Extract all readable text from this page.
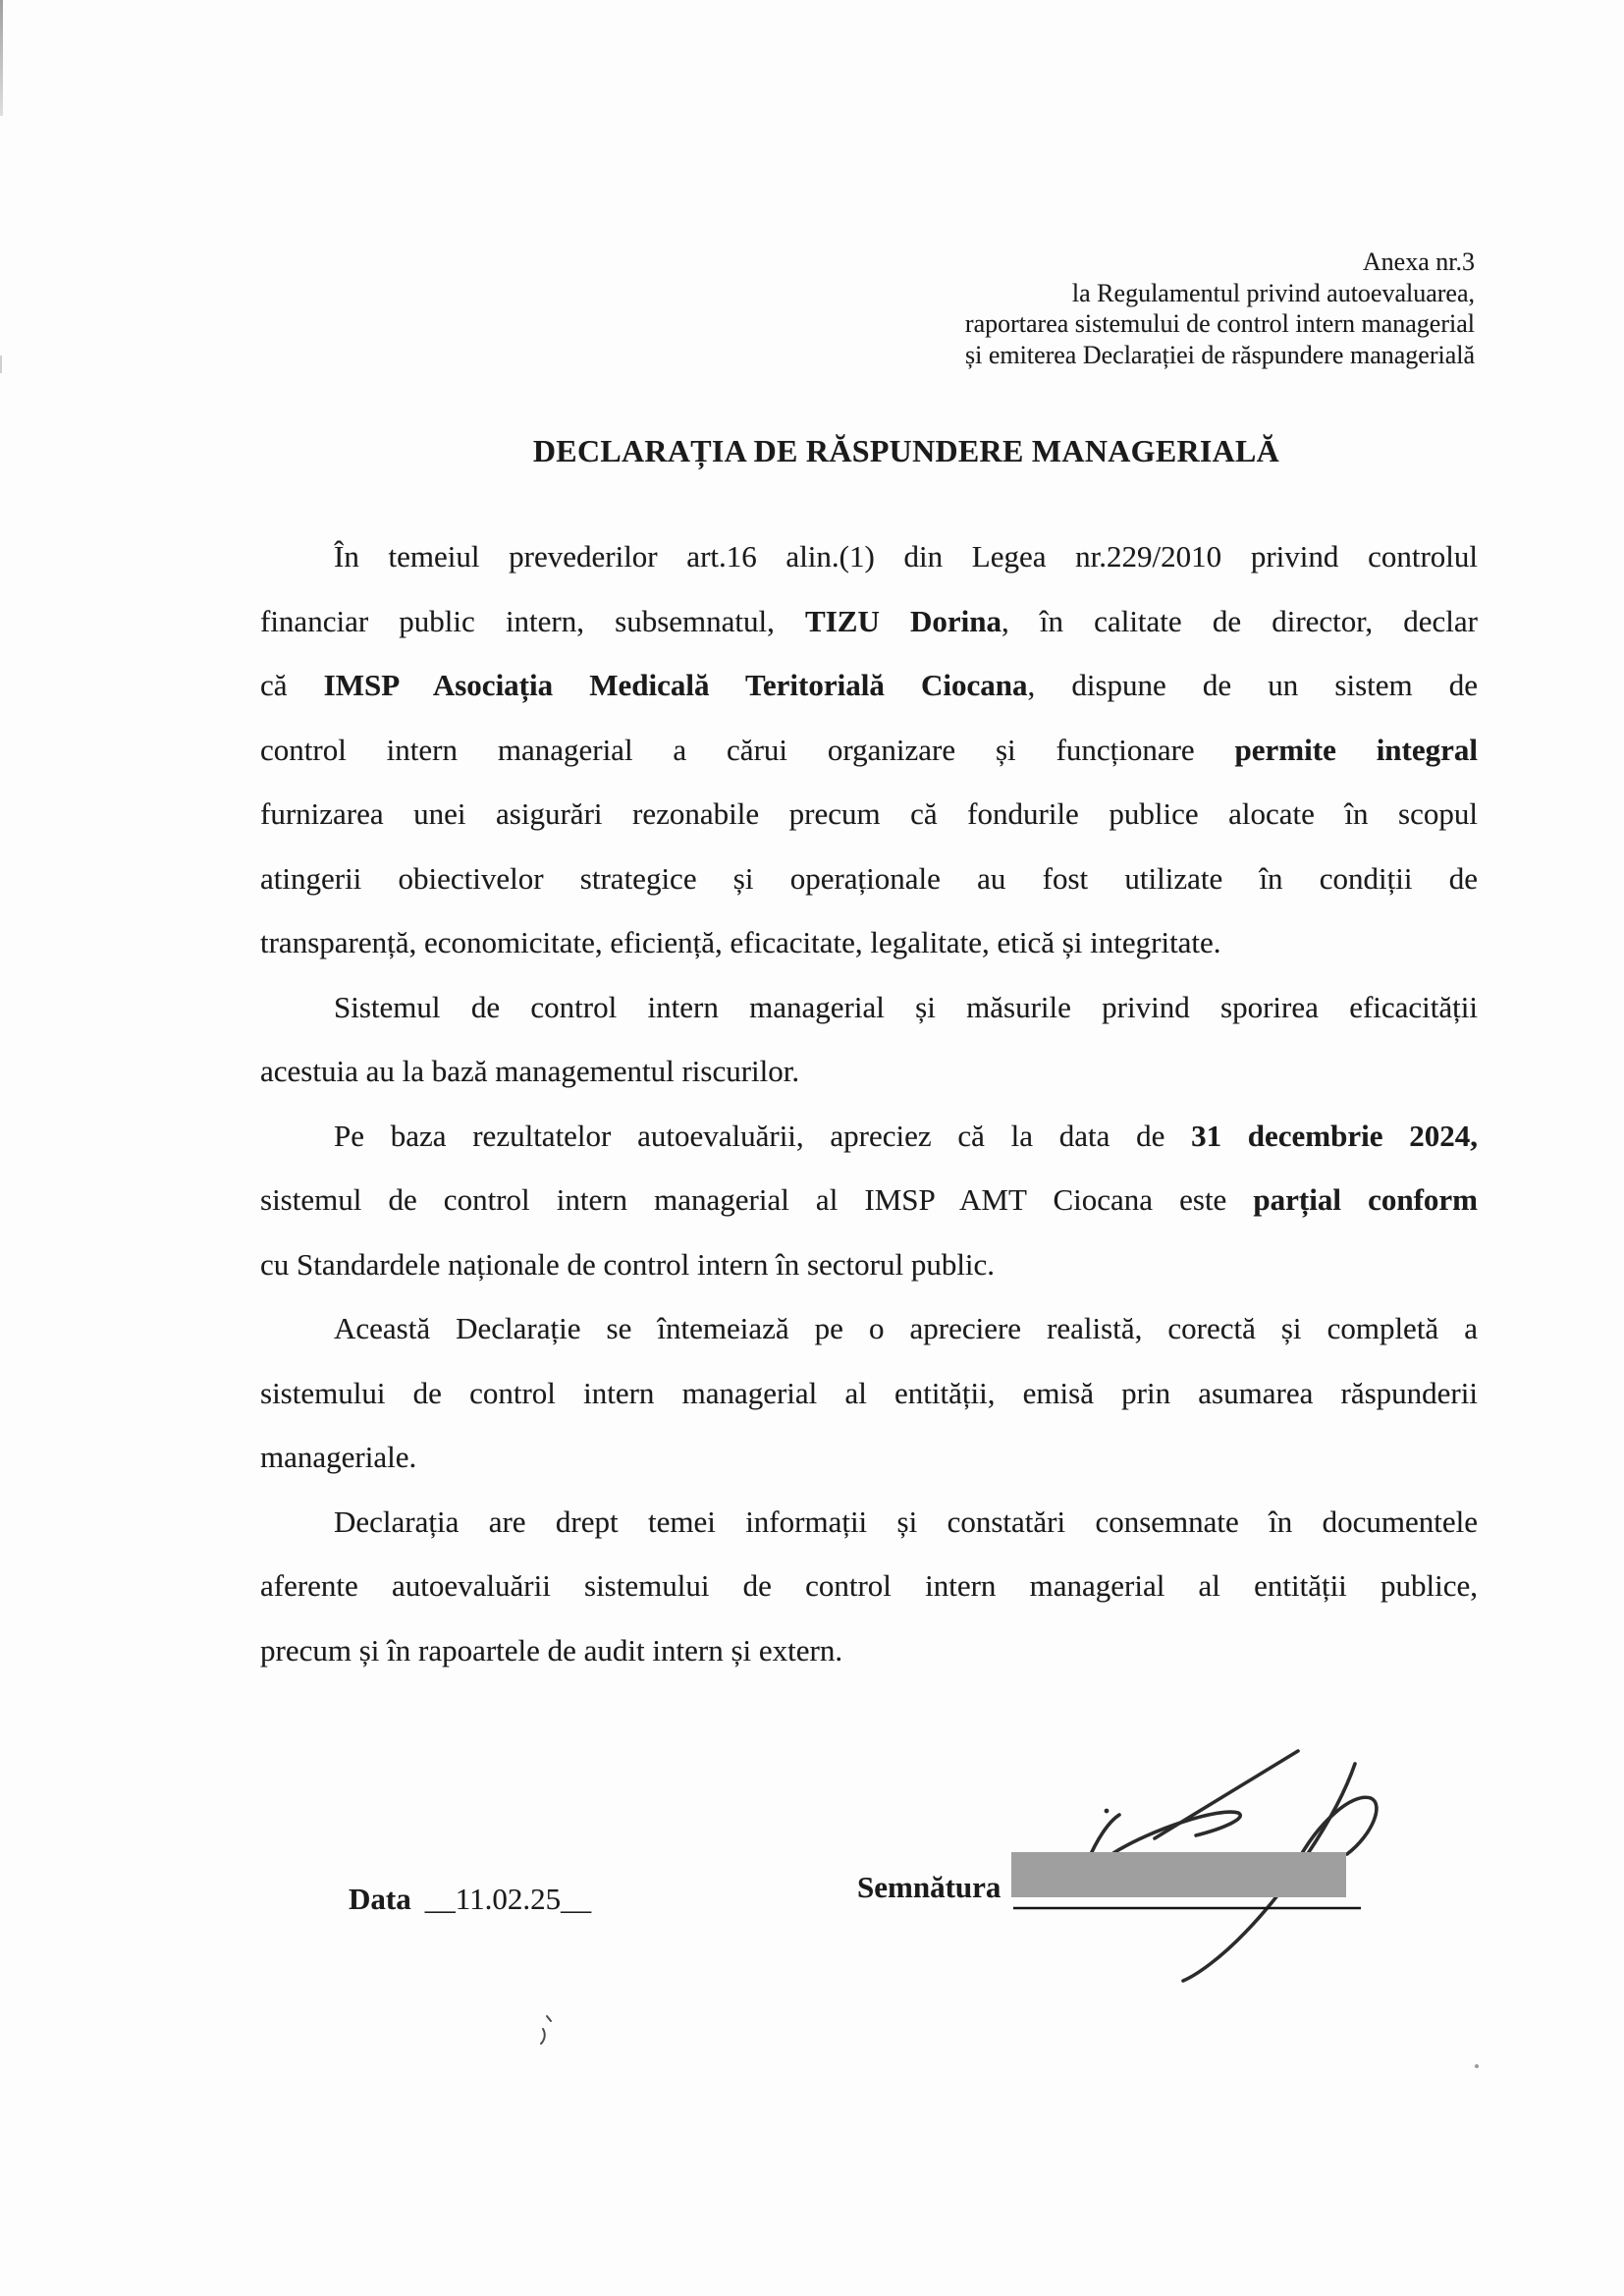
Anexa nr.3
la Regulamentul privind autoevaluarea,
raportarea sistemului de control intern managerial
și emiterea Declarației de răspundere managerială
DECLARAȚIA DE RĂSPUNDERE MANAGERIALĂ
În temeiul prevederilor art.16 alin.(1) din Legea nr.229/2010 privind controlul
financiar public intern, subsemnatul, TIZU Dorina, în calitate de director, declar
că IMSP Asociația Medicală Teritorială Ciocana, dispune de un sistem de
control intern managerial a cărui organizare și funcționare permite integral
furnizarea unei asigurări rezonabile precum că fondurile publice alocate în scopul
atingerii obiectivelor strategice și operaționale au fost utilizate în condiții de
transparență, economicitate, eficiență, eficacitate, legalitate, etică și integritate.
Sistemul de control intern managerial și măsurile privind sporirea eficacității
acestuia au la bază managementul riscurilor.
Pe baza rezultatelor autoevaluării, apreciez că la data de 31 decembrie 2024,
sistemul de control intern managerial al IMSP AMT Ciocana este parțial conform
cu Standardele naționale de control intern în sectorul public.
Această Declarație se întemeiază pe o apreciere realistă, corectă și completă a
sistemului de control intern managerial al entității, emisă prin asumarea răspunderii
manageriale.
Declarația are drept temei informații și constatări consemnate în documentele
aferente autoevaluării sistemului de control intern managerial al entității publice,
precum și în rapoartele de audit intern și extern.
Data __11.02.25__	Semnătura
